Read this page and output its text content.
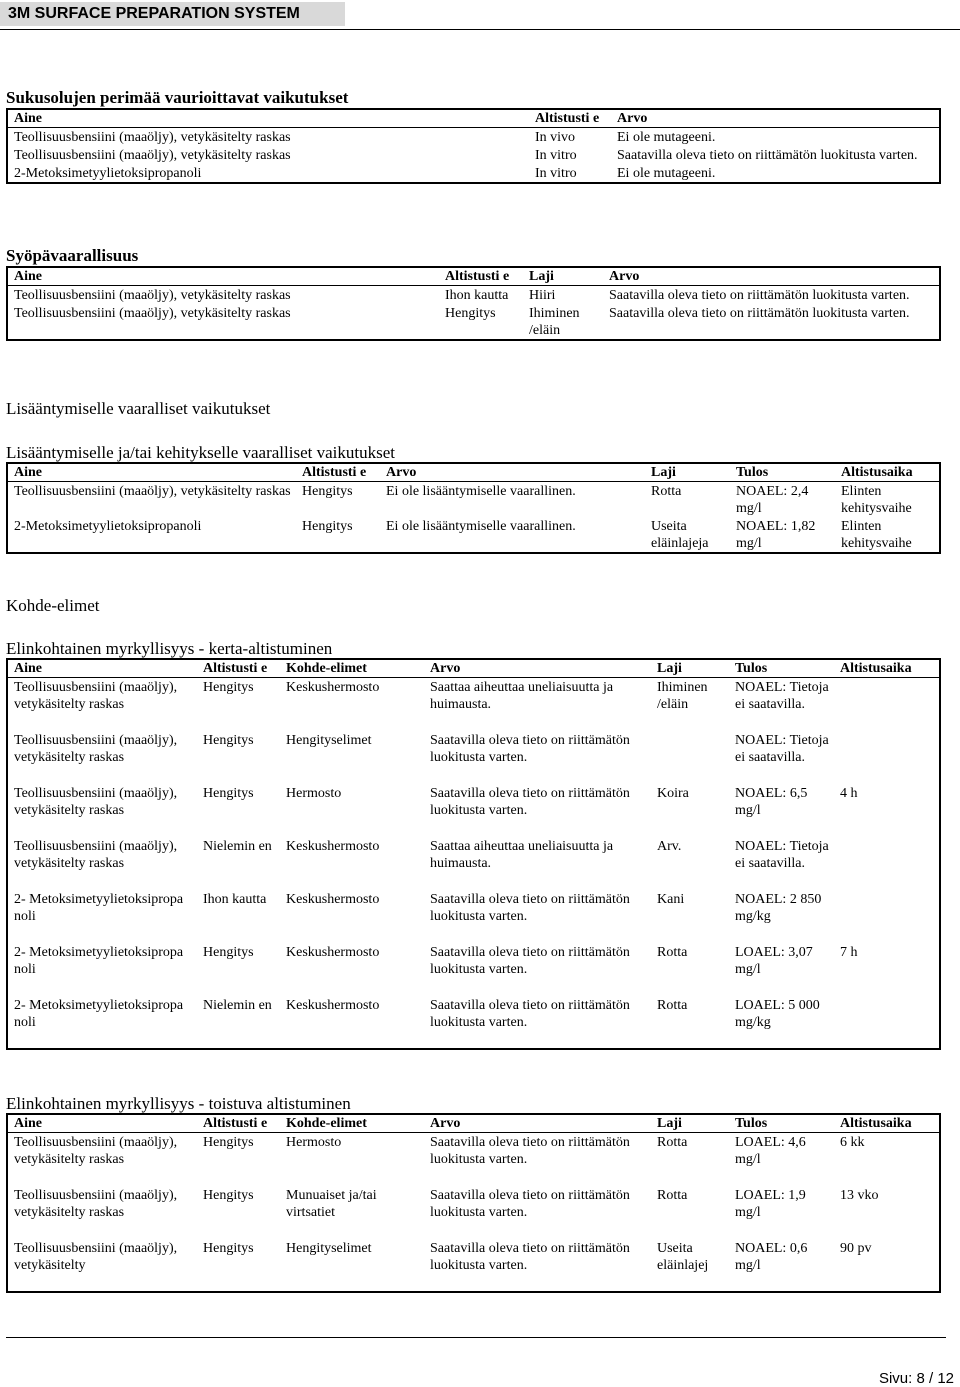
3M SURFACE PREPARATION SYSTEM
Sukusolujen perimää vaurioittavat vaikutukset
Aine	Altistusti e	Arvo
Teollisuusbensiini (maaöljy), vetykäsitelty raskas	In vivo	Ei ole mutageeni.
Teollisuusbensiini (maaöljy), vetykäsitelty raskas	In vitro	Saatavilla oleva tieto on riittämätön luokitusta varten.
2-Metoksimetyylietoksipropanoli	In vitro	Ei ole mutageeni.
Syöpävaarallisuus
Aine	Altistusti e	Laji	Arvo
Teollisuusbensiini (maaöljy), vetykäsitelty raskas	Ihon kautta	Hiiri	Saatavilla oleva tieto on riittämätön luokitusta varten.
Teollisuusbensiini (maaöljy), vetykäsitelty raskas	Hengitys	Ihiminen /eläin	Saatavilla oleva tieto on riittämätön luokitusta varten.
Lisääntymiselle vaaralliset vaikutukset
Lisääntymiselle ja/tai kehitykselle vaaralliset vaikutukset
Aine	Altistusti e	Arvo	Laji	Tulos	Altistusaika
Teollisuusbensiini (maaöljy), vetykäsitelty raskas	Hengitys	Ei ole lisääntymiselle vaarallinen.	Rotta	NOAEL: 2,4 mg/l	Elinten kehitysvaihe
2-Metoksimetyylietoksipropanoli	Hengitys	Ei ole lisääntymiselle vaarallinen.	Useita eläinlajeja	NOAEL: 1,82 mg/l	Elinten kehitysvaihe
Kohde-elimet
Elinkohtainen myrkyllisyys - kerta-altistuminen
Aine	Altistusti e	Kohde-elimet	Arvo	Laji	Tulos	Altistusaika
Teollisuusbensiini (maaöljy), vetykäsitelty raskas	Hengitys	Keskushermosto	Saattaa aiheuttaa uneliaisuutta ja huimausta.	Ihiminen /eläin	NOAEL: Tietoja ei saatavilla.	
Teollisuusbensiini (maaöljy), vetykäsitelty raskas	Hengitys	Hengityselimet	Saatavilla oleva tieto on riittämätön luokitusta varten.		NOAEL: Tietoja ei saatavilla.	
Teollisuusbensiini (maaöljy), vetykäsitelty raskas	Hengitys	Hermosto	Saatavilla oleva tieto on riittämätön luokitusta varten.	Koira	NOAEL: 6,5 mg/l	4 h
Teollisuusbensiini (maaöljy), vetykäsitelty raskas	Nielemin en	Keskushermosto	Saattaa aiheuttaa uneliaisuutta ja huimausta.	Arv.	NOAEL: Tietoja ei saatavilla.	
2- Metoksimetyylietoksipropa noli	Ihon kautta	Keskushermosto	Saatavilla oleva tieto on riittämätön luokitusta varten.	Kani	NOAEL: 2 850 mg/kg	
2- Metoksimetyylietoksipropa noli	Hengitys	Keskushermosto	Saatavilla oleva tieto on riittämätön luokitusta varten.	Rotta	LOAEL: 3,07 mg/l	7 h
2- Metoksimetyylietoksipropa noli	Nielemin en	Keskushermosto	Saatavilla oleva tieto on riittämätön luokitusta varten.	Rotta	LOAEL: 5 000 mg/kg	
Elinkohtainen myrkyllisyys - toistuva altistuminen
Aine	Altistusti e	Kohde-elimet	Arvo	Laji	Tulos	Altistusaika
Teollisuusbensiini (maaöljy), vetykäsitelty raskas	Hengitys	Hermosto	Saatavilla oleva tieto on riittämätön luokitusta varten.	Rotta	LOAEL: 4,6 mg/l	6 kk
Teollisuusbensiini (maaöljy), vetykäsitelty raskas	Hengitys	Munuaiset ja/tai virtsatiet	Saatavilla oleva tieto on riittämätön luokitusta varten.	Rotta	LOAEL: 1,9 mg/l	13 vko
Teollisuusbensiini (maaöljy), vetykäsitelty	Hengitys	Hengityselimet	Saatavilla oleva tieto on riittämätön luokitusta varten.	Useita eläinlajej	NOAEL: 0,6 mg/l	90 pv
Sivu: 8 / 12
